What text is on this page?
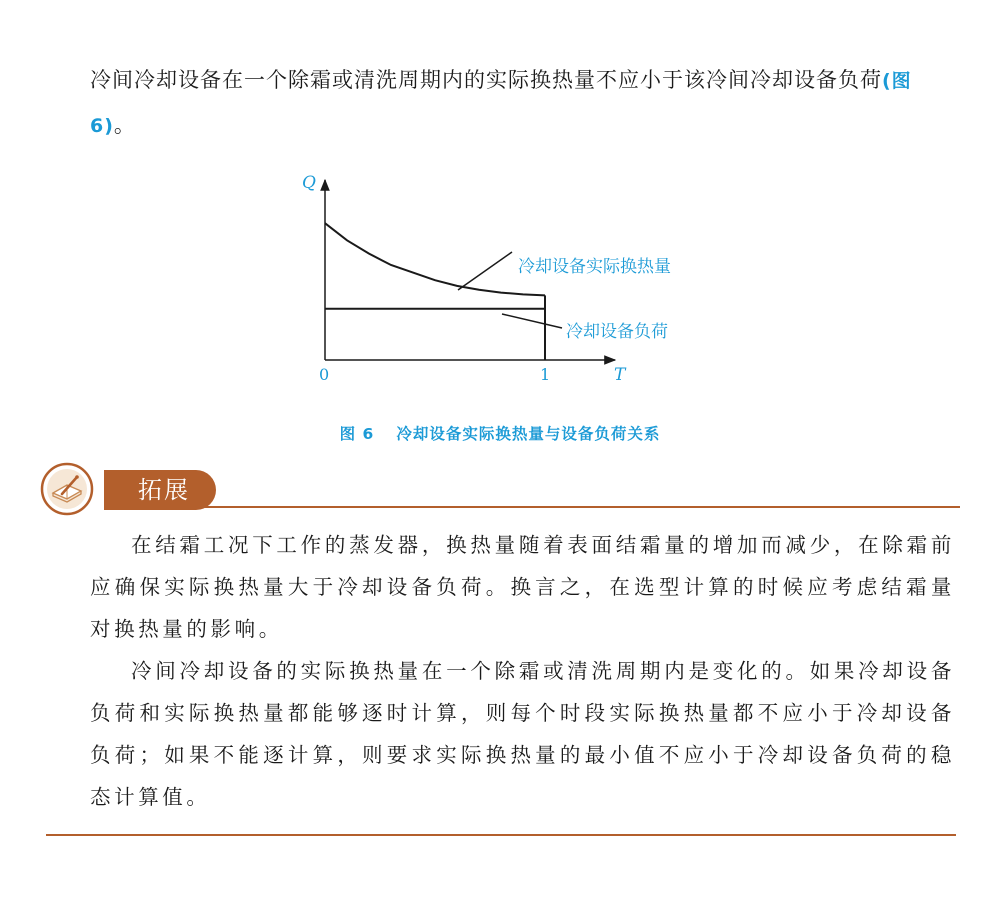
冷间冷却设备在一个除霜或清洗周期内的实际换热量不应小于该冷间冷却设备负荷(图 6)。

Q
T
0	1
冷却设备实际换热量
冷却设备负荷
图 6 冷却设备实际换热量与设备负荷关系
拓展

在结霜工况下工作的蒸发器，换热量随着表面结霜量的增加而减少，在除霜前应确保实际换热量大于冷却设备负荷。换言之，在选型计算的时候应考虑结霜量对换热量的影响。

冷间冷却设备的实际换热量在一个除霜或清洗周期内是变化的。如果冷却设备负荷和实际换热量都能够逐时计算，则每个时段实际换热量都不应小于冷却设备负荷；如果不能逐计算，则要求实际换热量的最小值不应小于冷却设备负荷的稳态计算值。
